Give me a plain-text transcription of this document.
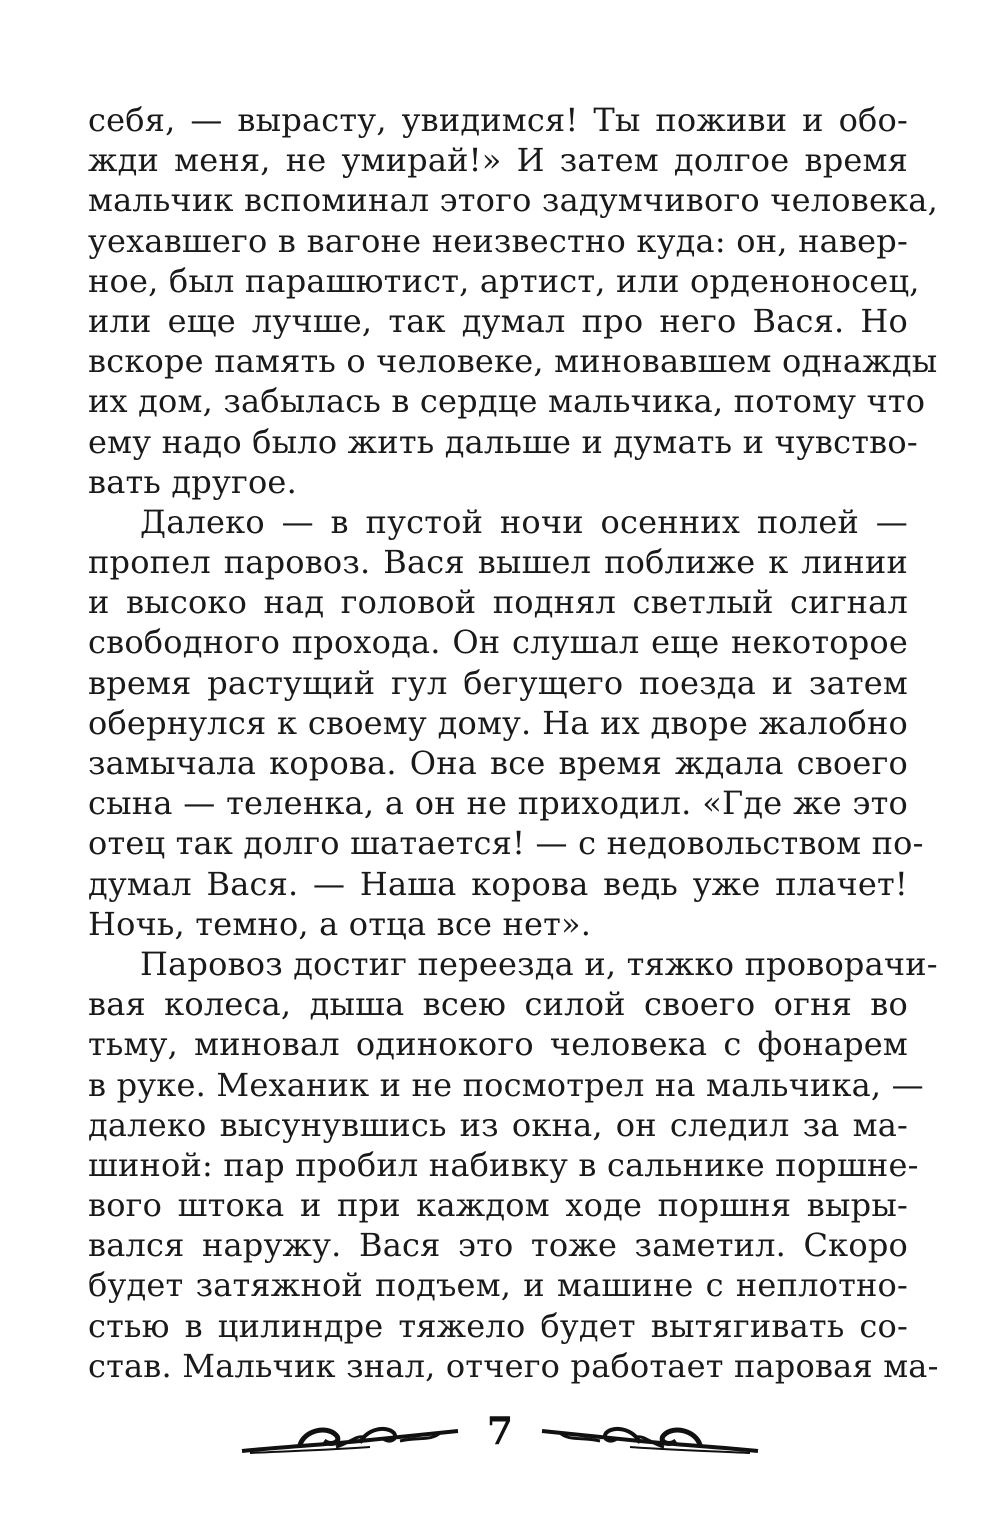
себя, — вырасту, увидимся! Ты поживи и обо-
жди меня, не умирай!» И затем долгое время
мальчик вспоминал этого задумчивого человека,
уехавшего в вагоне неизвестно куда: он, навер-
ное, был парашютист, артист, или орденоносец,
или еще лучше, так думал про него Вася. Но
вскоре память о человеке, миновавшем однажды
их дом, забылась в сердце мальчика, потому что
ему надо было жить дальше и думать и чувство-
вать другое.
Далеко — в пустой ночи осенних полей —
пропел паровоз. Вася вышел поближе к линии
и высоко над головой поднял светлый сигнал
свободного прохода. Он слушал еще некоторое
время растущий гул бегущего поезда и затем
обернулся к своему дому. На их дворе жалобно
замычала корова. Она все время ждала своего
сына — теленка, а он не приходил. «Где же это
отец так долго шатается! — с недовольством по-
думал Вася. — Наша корова ведь уже плачет!
Ночь, темно, а отца все нет».
Паровоз достиг переезда и, тяжко проворачи-
вая колеса, дыша всею силой своего огня во
тьму, миновал одинокого человека с фонарем
в руке. Механик и не посмотрел на мальчика, —
далеко высунувшись из окна, он следил за ма-
шиной: пар пробил набивку в сальнике поршне-
вого штока и при каждом ходе поршня выры-
вался наружу. Вася это тоже заметил. Скоро
будет затяжной подъем, и машине с неплотно-
стью в цилиндре тяжело будет вытягивать со-
став. Мальчик знал, отчего работает паровая ма-
7
